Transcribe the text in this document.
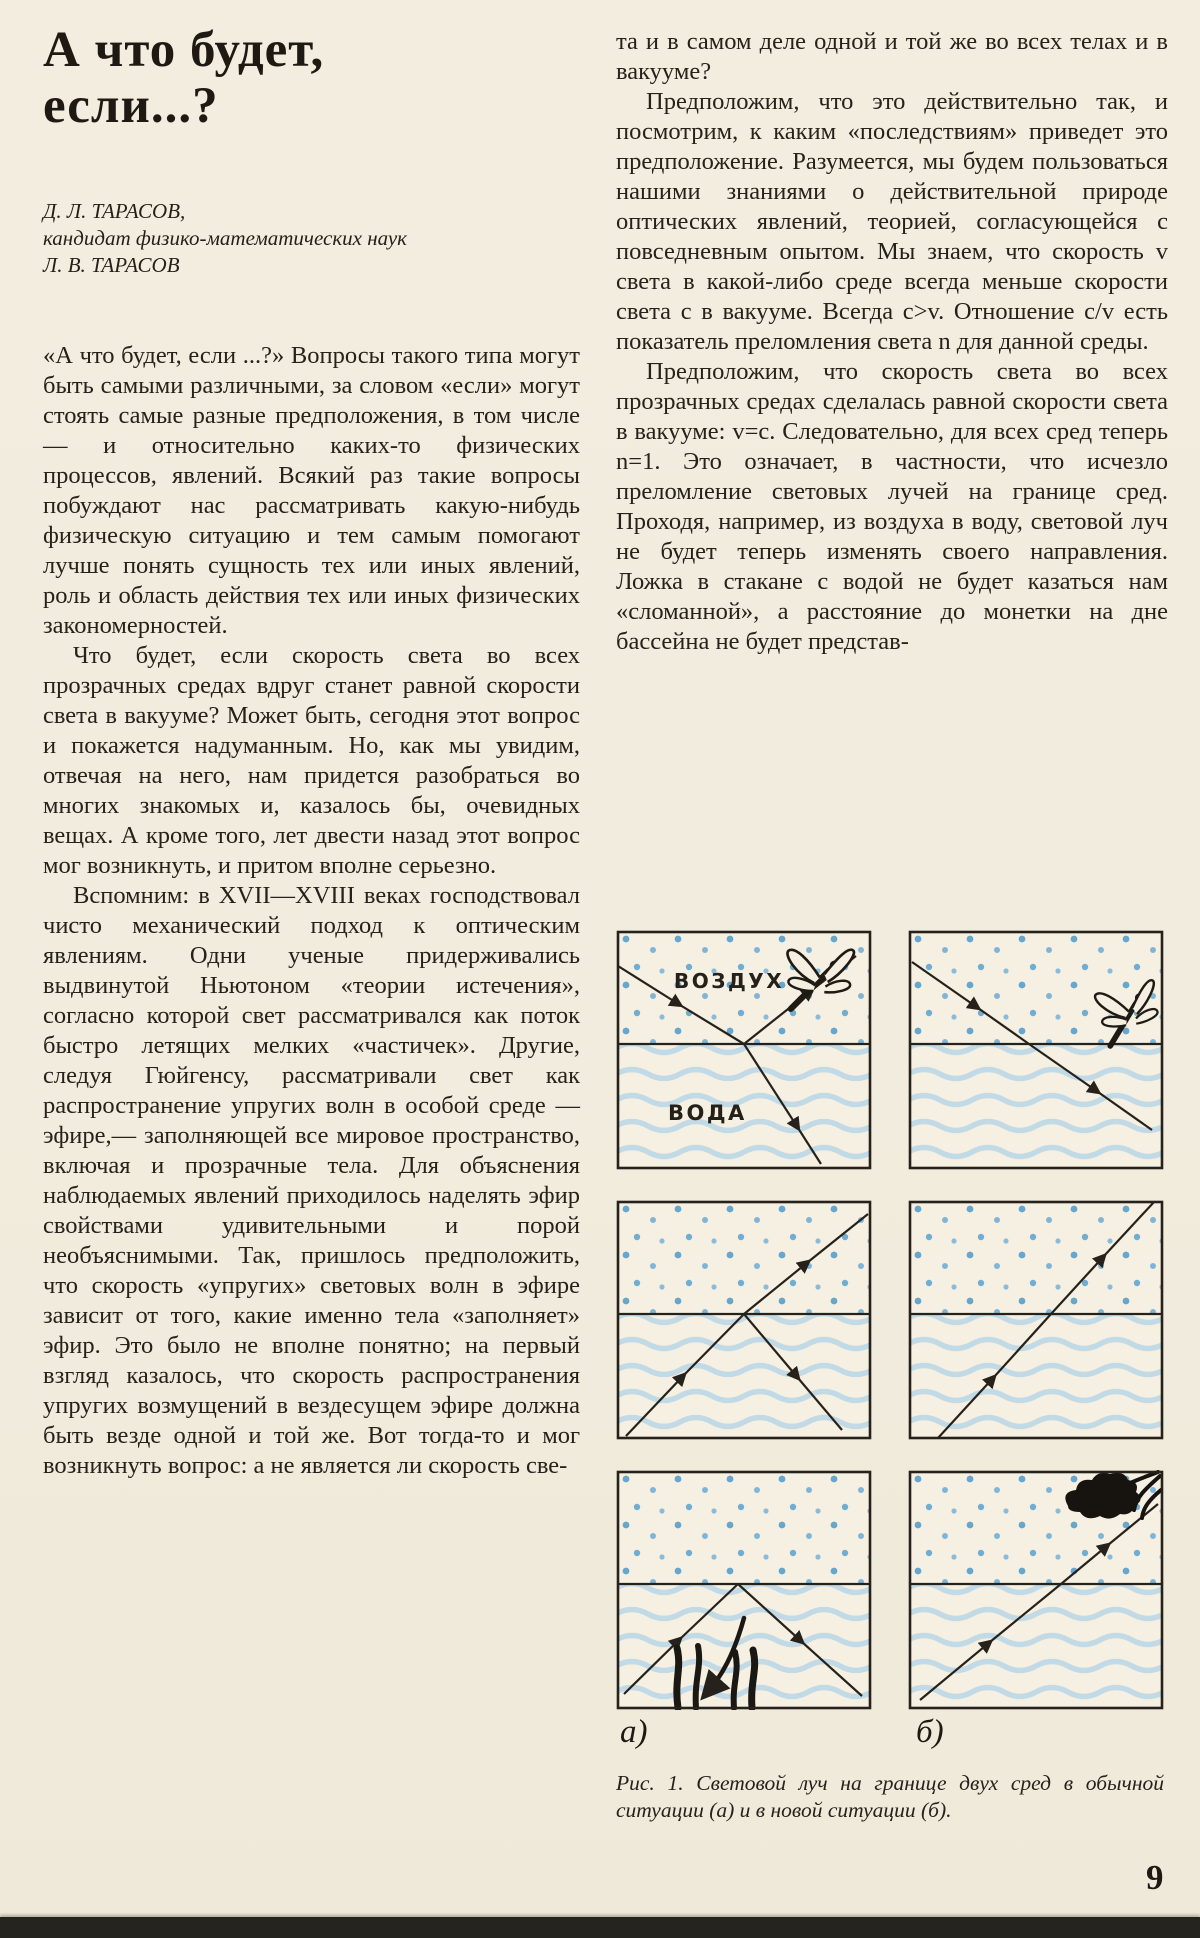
А что будет,
если...?
Д. Л. ТАРАСОВ,
кандидат физико-математических наук
Л. В. ТАРАСОВ

«А что будет, если ...?» Вопросы такого типа могут быть самыми различными, за словом «если» могут стоять самые разные предположения, в том числе — и относительно каких-то физических процессов, явлений. Всякий раз такие вопросы побуждают нас рассматривать какую-нибудь физическую ситуацию и тем самым помогают лучше понять сущность тех или иных явлений, роль и область действия тех или иных физических закономерностей.

Что будет, если скорость света во всех прозрачных средах вдруг станет равной скорости света в вакууме? Может быть, сегодня этот вопрос и покажется надуманным. Но, как мы увидим, отвечая на него, нам придется разобраться во многих знакомых и, казалось бы, очевидных вещах. А кроме того, лет двести назад этот вопрос мог возникнуть, и притом вполне серьезно.

Вспомним: в XVII—XVIII веках господствовал чисто механический подход к оптическим явлениям. Одни ученые придерживались выдвинутой Ньютоном «теории истечения», согласно которой свет рассматривался как поток быстро летящих мелких «частичек». Другие, следуя Гюйгенсу, рассматривали свет как распространение упругих волн в особой среде — эфире,— заполняющей все мировое пространство, включая и прозрачные тела. Для объяснения наблюдаемых явлений приходилось наделять эфир свойствами удивительными и порой необъяснимыми. Так, пришлось предположить, что скорость «упругих» световых волн в эфире зависит от того, какие именно тела «заполняет» эфир. Это было не вполне понятно; на первый взгляд казалось, что скорость распространения упругих возмущений в вездесущем эфире должна быть везде одной и той же. Вот тогда-то и мог возникнуть вопрос: а не является ли скорость све-

та и в самом деле одной и той же во всех телах и в вакууме?

Предположим, что это действительно так, и посмотрим, к каким «последствиям» приведет это предположение. Разумеется, мы будем пользоваться нашими знаниями о действительной природе оптических явлений, теорией, согласующейся с повседневным опытом. Мы знаем, что скорость v света в какой-либо среде всегда меньше скорости света c в вакууме. Всегда c>v. Отношение c/v есть показатель преломления света n для данной среды.

Предположим, что скорость света во всех прозрачных средах сделалась равной скорости света в вакууме: v=c. Следовательно, для всех сред теперь n=1. Это означает, в частности, что исчезло преломление световых лучей на границе сред. Проходя, например, из воздуха в воду, световой луч не будет теперь изменять своего направления. Ложка в стакане с водой не будет казаться нам «сломанной», а расстояние до монетки на дне бассейна не будет представ-

ВОЗДУХ
ВОДА
а)	б)
Рис. 1. Световой луч на границе двух сред в обычной ситуации (а) и в новой ситуации (б).
9
